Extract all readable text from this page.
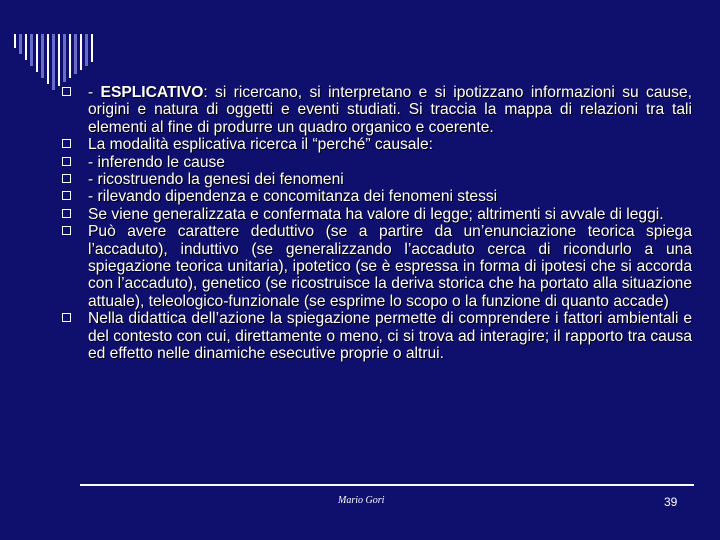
- ESPLICATIVO: si ricercano, si interpretano e si ipotizzano informazioni su cause, origini e natura di oggetti e eventi studiati. Si traccia la mappa di relazioni tra tali elementi al fine di produrre un quadro organico e coerente.
La modalità esplicativa ricerca il “perché” causale:
- inferendo le cause
- ricostruendo la genesi dei fenomeni
- rilevando dipendenza e concomitanza dei fenomeni stessi
Se viene generalizzata e confermata ha valore di legge; altrimenti si avvale di leggi.
Può avere carattere deduttivo (se a partire da un’enunciazione teorica spiega l’accaduto), induttivo (se generalizzando l’accaduto cerca di ricondurlo a una spiegazione teorica unitaria), ipotetico (se è espressa in forma di ipotesi che si accorda con l’accaduto), genetico (se ricostruisce la deriva storica che ha portato alla situazione attuale), teleologico-funzionale (se esprime lo scopo o la funzione di quanto accade)
Nella didattica dell’azione la spiegazione permette di comprendere i fattori ambientali e del contesto con cui, direttamente o meno, ci si trova ad interagire; il rapporto tra causa ed effetto nelle dinamiche esecutive proprie o altrui.
Mario Gori	39
